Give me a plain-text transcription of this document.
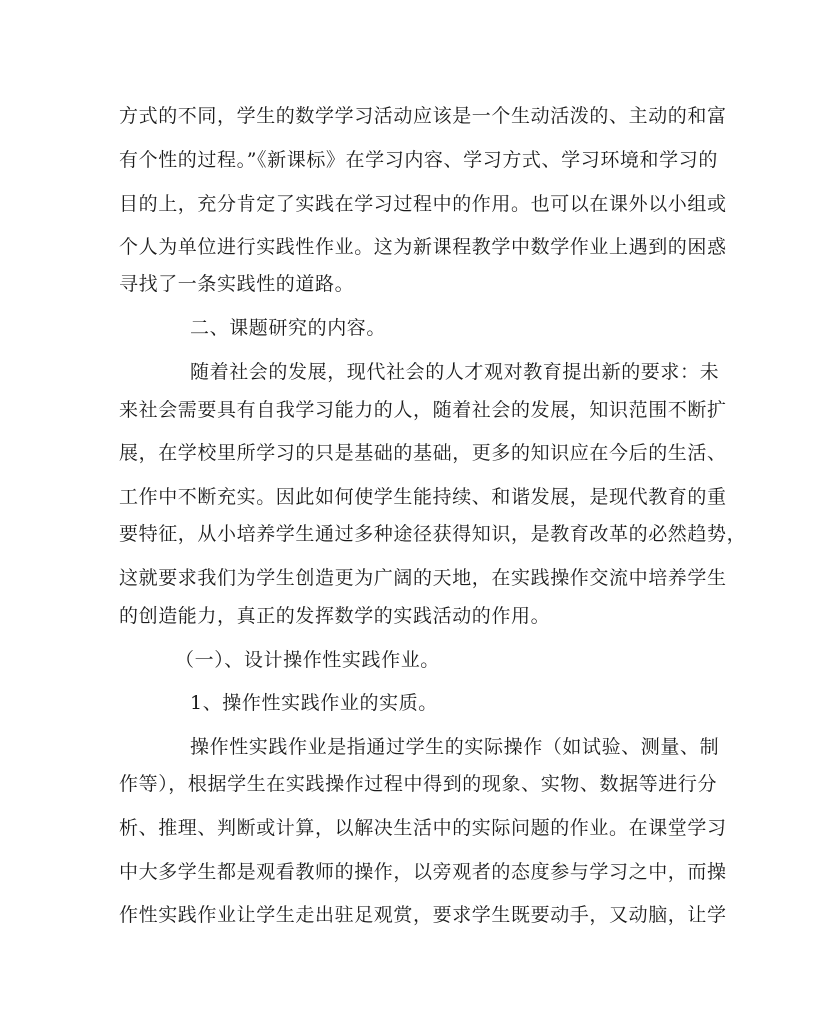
方式的不同，学生的数学学习活动应该是一个生动活泼的、主动的和富
有个性的过程。”《新课标》在学习内容、学习方式、学习环境和学习的
目的上，充分肯定了实践在学习过程中的作用。也可以在课外以小组或
个人为单位进行实践性作业。这为新课程教学中数学作业上遇到的困惑
寻找了一条实践性的道路。
二、课题研究的内容。
随着社会的发展，现代社会的人才观对教育提出新的要求：未
来社会需要具有自我学习能力的人，随着社会的发展，知识范围不断扩
展，在学校里所学习的只是基础的基础，更多的知识应在今后的生活、
工作中不断充实。因此如何使学生能持续、和谐发展，是现代教育的重
要特征，从小培养学生通过多种途径获得知识，是教育改革的必然趋势，
这就要求我们为学生创造更为广阔的天地，在实践操作交流中培养学生
的创造能力，真正的发挥数学的实践活动的作用。
（一）、设计操作性实践作业。
1、操作性实践作业的实质。
操作性实践作业是指通过学生的实际操作（如试验、测量、制
作等），根据学生在实践操作过程中得到的现象、实物、数据等进行分
析、推理、判断或计算，以解决生活中的实际问题的作业。在课堂学习
中大多学生都是观看教师的操作，以旁观者的态度参与学习之中，而操
作性实践作业让学生走出驻足观赏，要求学生既要动手，又动脑，让学
